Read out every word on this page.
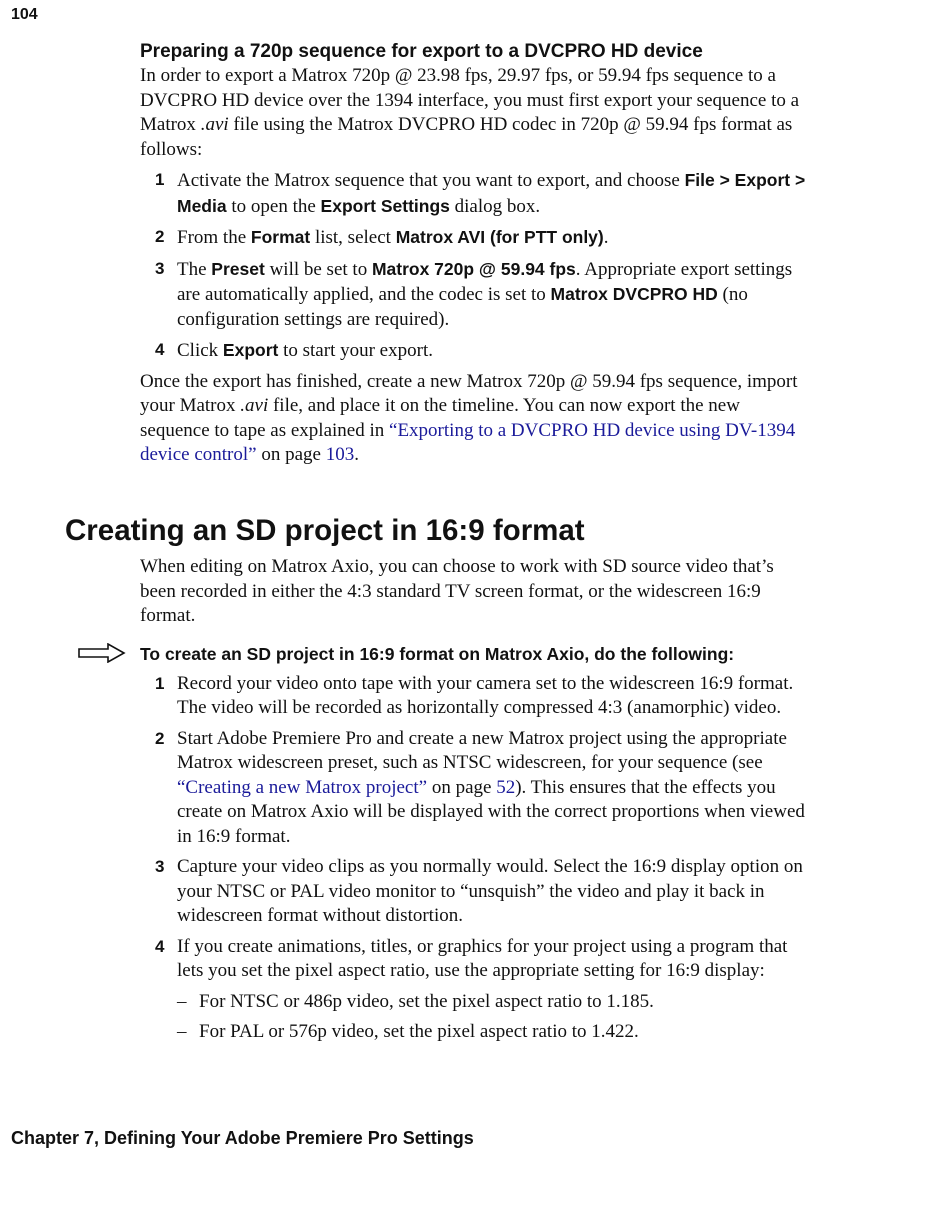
104
Preparing a 720p sequence for export to a DVCPRO HD device

In order to export a Matrox 720p @ 23.98 fps, 29.97 fps, or 59.94 fps sequence to a DVCPRO HD device over the 1394 interface, you must first export your sequence to a Matrox .avi file using the Matrox DVCPRO HD codec in 720p @ 59.94 fps format as follows:

1 Activate the Matrox sequence that you want to export, and choose File > Export > Media to open the Export Settings dialog box.
2 From the Format list, select Matrox AVI (for PTT only).
3 The Preset will be set to Matrox 720p @ 59.94 fps. Appropriate export settings are automatically applied, and the codec is set to Matrox DVCPRO HD (no configuration settings are required).
4 Click Export to start your export.

Once the export has finished, create a new Matrox 720p @ 59.94 fps sequence, import your Matrox .avi file, and place it on the timeline. You can now export the new sequence to tape as explained in “Exporting to a DVCPRO HD device using DV-1394 device control” on page 103.

Creating an SD project in 16:9 format

When editing on Matrox Axio, you can choose to work with SD source video that’s been recorded in either the 4:3 standard TV screen format, or the widescreen 16:9 format.

To create an SD project in 16:9 format on Matrox Axio, do the following:

1 Record your video onto tape with your camera set to the widescreen 16:9 format. The video will be recorded as horizontally compressed 4:3 (anamorphic) video.
2 Start Adobe Premiere Pro and create a new Matrox project using the appropriate Matrox widescreen preset, such as NTSC widescreen, for your sequence (see “Creating a new Matrox project” on page 52). This ensures that the effects you create on Matrox Axio will be displayed with the correct proportions when viewed in 16:9 format.
3 Capture your video clips as you normally would. Select the 16:9 display option on your NTSC or PAL video monitor to “unsquish” the video and play it back in widescreen format without distortion.
4 If you create animations, titles, or graphics for your project using a program that lets you set the pixel aspect ratio, use the appropriate setting for 16:9 display:
– For NTSC or 486p video, set the pixel aspect ratio to 1.185.
– For PAL or 576p video, set the pixel aspect ratio to 1.422.
Chapter 7, Defining Your Adobe Premiere Pro Settings
